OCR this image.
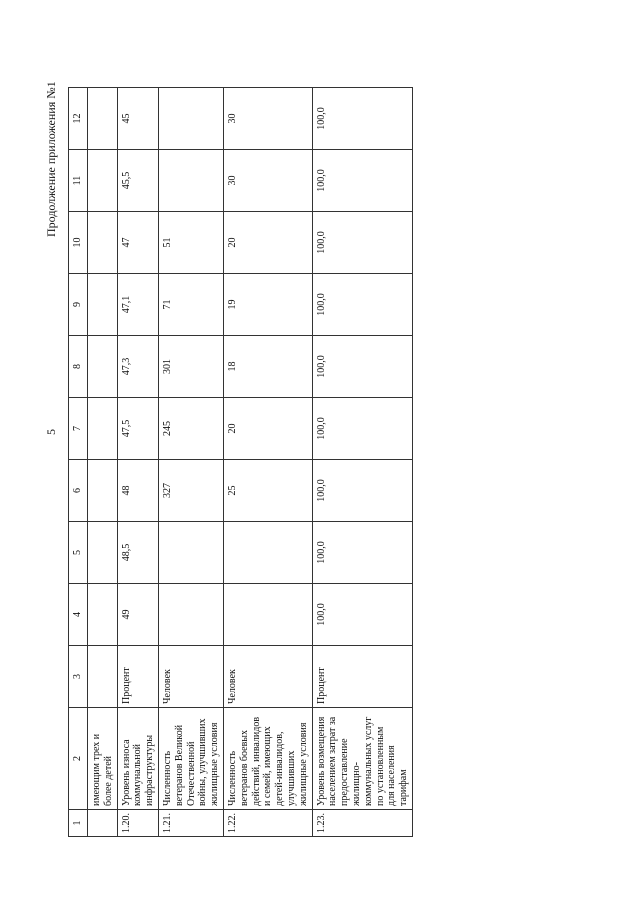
5
Продолжение приложения №1
1	2	3	4	5	6	7	8	9	10	11	12
	имеющим трех и более детей										
1.20.	Уровень износа коммунальной инфраструктуры	Процент	49	48,5	48	47,5	47,3	47,1	47	45,5	45
1.21.	Численность ветеранов Великой Отечественной войны, улучшивших жилищные условия	Человек			327	245	301	71	51		
1.22.	Численность ветеранов боевых действий, инвалидов и семей, имеющих детей-инвалидов, улучшивших жилищные условия	Человек			25	20	18	19	20	30	30
1.23.	Уровень возмещения населением затрат за предоставление жилищно-коммунальных услуг по установленным для населения тарифам	Процент	100,0	100,0	100,0	100,0	100,0	100,0	100,0	100,0	100,0
